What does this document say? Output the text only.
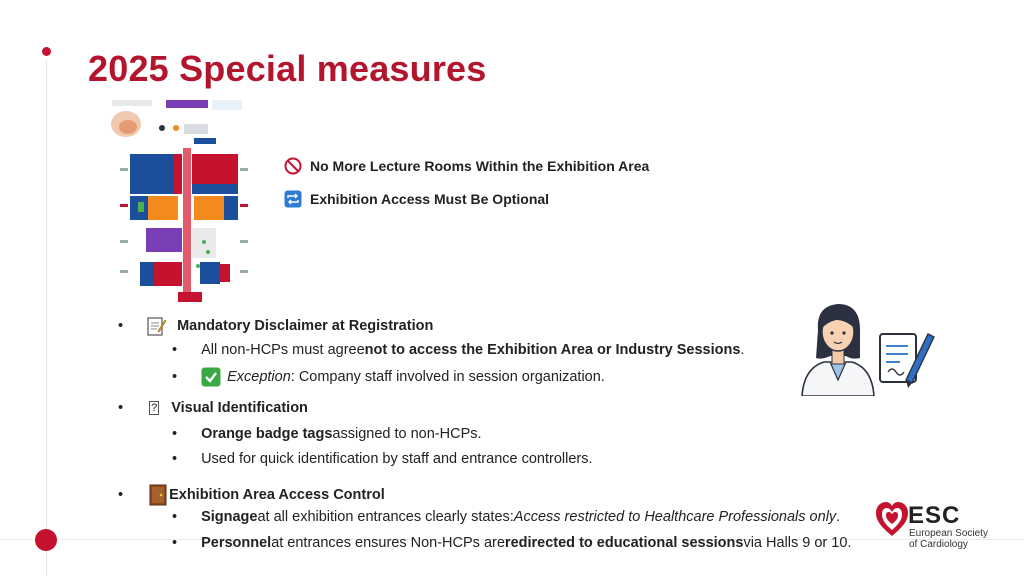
2025 Special measures
No More Lecture Rooms Within the Exhibition Area
Exhibition Access Must Be Optional
•	Mandatory Disclaimer at Registration
• All non-HCPs must agree not to access the Exhibition Area or Industry Sessions .
•	Exception : Company staff involved in session organization.
•	? Visual Identification
• Orange badge tags assigned to non-HCPs.
• Used for quick identification by staff and entrance controllers.
•	Exhibition Area Access Control
• Signage at all exhibition entrances clearly states: Access restricted to Healthcare Professionals only .
• Personnel at entrances ensures Non-HCPs are redirected to educational sessions via Halls 9 or 10.
ESC
European Society
of Cardiology
